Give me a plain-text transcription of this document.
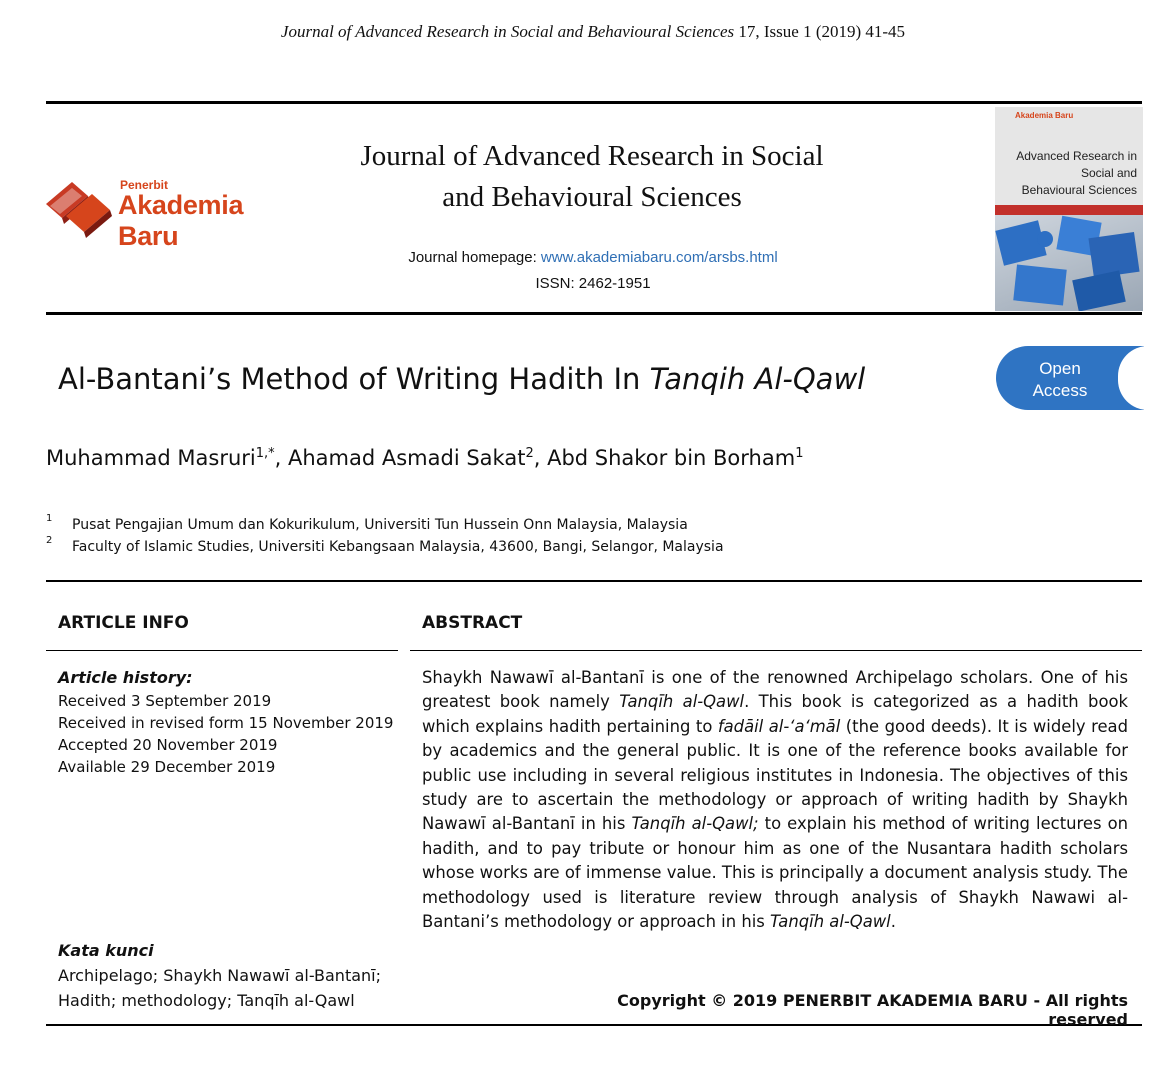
Journal of Advanced Research in Social and Behavioural Sciences 17, Issue 1 (2019) 41-45
Penerbit
Akademia Baru
Journal of Advanced Research in Social
and Behavioural Sciences
Journal homepage: www.akademiabaru.com/arsbs.html
ISSN: 2462-1951
Akademia Baru
Advanced Research in
Social and
Behavioural Sciences
Al-Bantani’s Method of Writing Hadith In Tanqih Al-Qawl	Open
Access
Muhammad Masruri$^{1,*}$, Ahamad Asmadi Sakat$^2$, Abd Shakor bin Borham$^1$
1 Pusat Pengajian Umum dan Kokurikulum, Universiti Tun Hussein Onn Malaysia, Malaysia
2 Faculty of Islamic Studies, Universiti Kebangsaan Malaysia, 43600, Bangi, Selangor, Malaysia
ARTICLE INFO	ABSTRACT
Article history:
Received 3 September 2019
Received in revised form 15 November 2019
Accepted 20 November 2019
Available 29 December 2019
Shaykh Nawawī al-Bantanī is one of the renowned Archipelago scholars. One of his greatest book namely Tanqīh al-Qawl. This book is categorized as a hadith book which explains hadith pertaining to fadāil al-‘a‘māl (the good deeds). It is widely read by academics and the general public. It is one of the reference books available for public use including in several religious institutes in Indonesia. The objectives of this study are to ascertain the methodology or approach of writing hadith by Shaykh Nawawī al-Bantanī in his Tanqīh al-Qawl; to explain his method of writing lectures on hadith, and to pay tribute or honour him as one of the Nusantara hadith scholars whose works are of immense value. This is principally a document analysis study. The methodology used is literature review through analysis of Shaykh Nawawi al-Bantani’s methodology or approach in his Tanqīh al-Qawl.
Kata kunci
Archipelago; Shaykh Nawawī al-Bantanī;
Hadith; methodology; Tanqīh al-Qawl	Copyright © 2019 PENERBIT AKADEMIA BARU - All rights reserved
